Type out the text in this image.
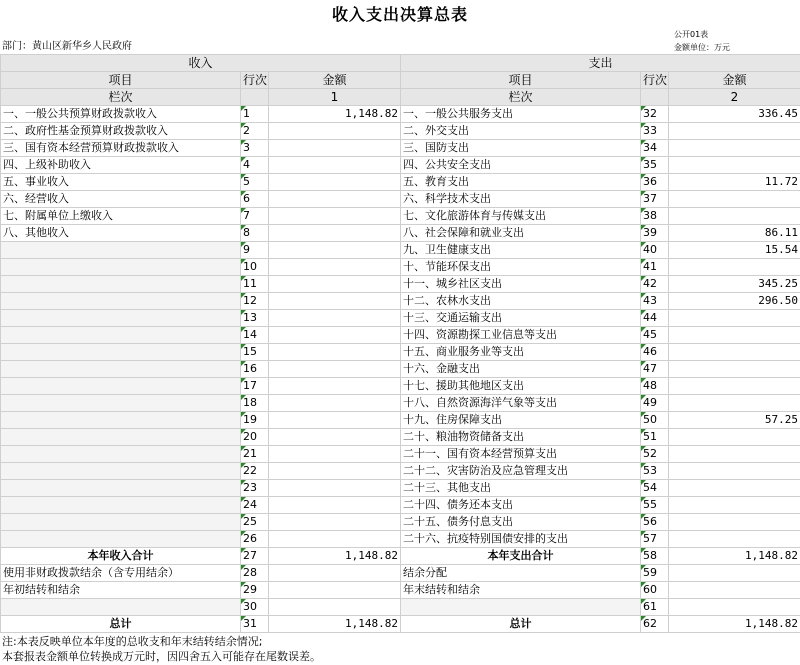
收入支出决算总表
公开01表
金额单位：万元
部门：黄山区新华乡人民政府
收入			支出		
项目	行次	金额	项目	行次	金额
栏次		1	栏次		2
一、一般公共预算财政拨款收入	1	1,148.82	一、一般公共服务支出	32	336.45
二、政府性基金预算财政拨款收入	2		二、外交支出	33	
三、国有资本经营预算财政拨款收入	3		三、国防支出	34	
四、上级补助收入	4		四、公共安全支出	35	
五、事业收入	5		五、教育支出	36	11.72
六、经营收入	6		六、科学技术支出	37	
七、附属单位上缴收入	7		七、文化旅游体育与传媒支出	38	
八、其他收入	8		八、社会保障和就业支出	39	86.11
	9		九、卫生健康支出	40	15.54
	10		十、节能环保支出	41	
	11		十一、城乡社区支出	42	345.25
	12		十二、农林水支出	43	296.50
	13		十三、交通运输支出	44	
	14		十四、资源勘探工业信息等支出	45	
	15		十五、商业服务业等支出	46	
	16		十六、金融支出	47	
	17		十七、援助其他地区支出	48	
	18		十八、自然资源海洋气象等支出	49	
	19		十九、住房保障支出	50	57.25
	20		二十、粮油物资储备支出	51	
	21		二十一、国有资本经营预算支出	52	
	22		二十二、灾害防治及应急管理支出	53	
	23		二十三、其他支出	54	
	24		二十四、债务还本支出	55	
	25		二十五、债务付息支出	56	
	26		二十六、抗疫特别国债安排的支出	57	
本年收入合计	27	1,148.82	本年支出合计	58	1,148.82
使用非财政拨款结余（含专用结余）	28		结余分配	59	
年初结转和结余	29		年末结转和结余	60	
	30			61	
总计	31	1,148.82	总计	62	1,148.82
注:本表反映单位本年度的总收支和年末结转结余情况;
本套报表金额单位转换成万元时，因四舍五入可能存在尾数误差。
